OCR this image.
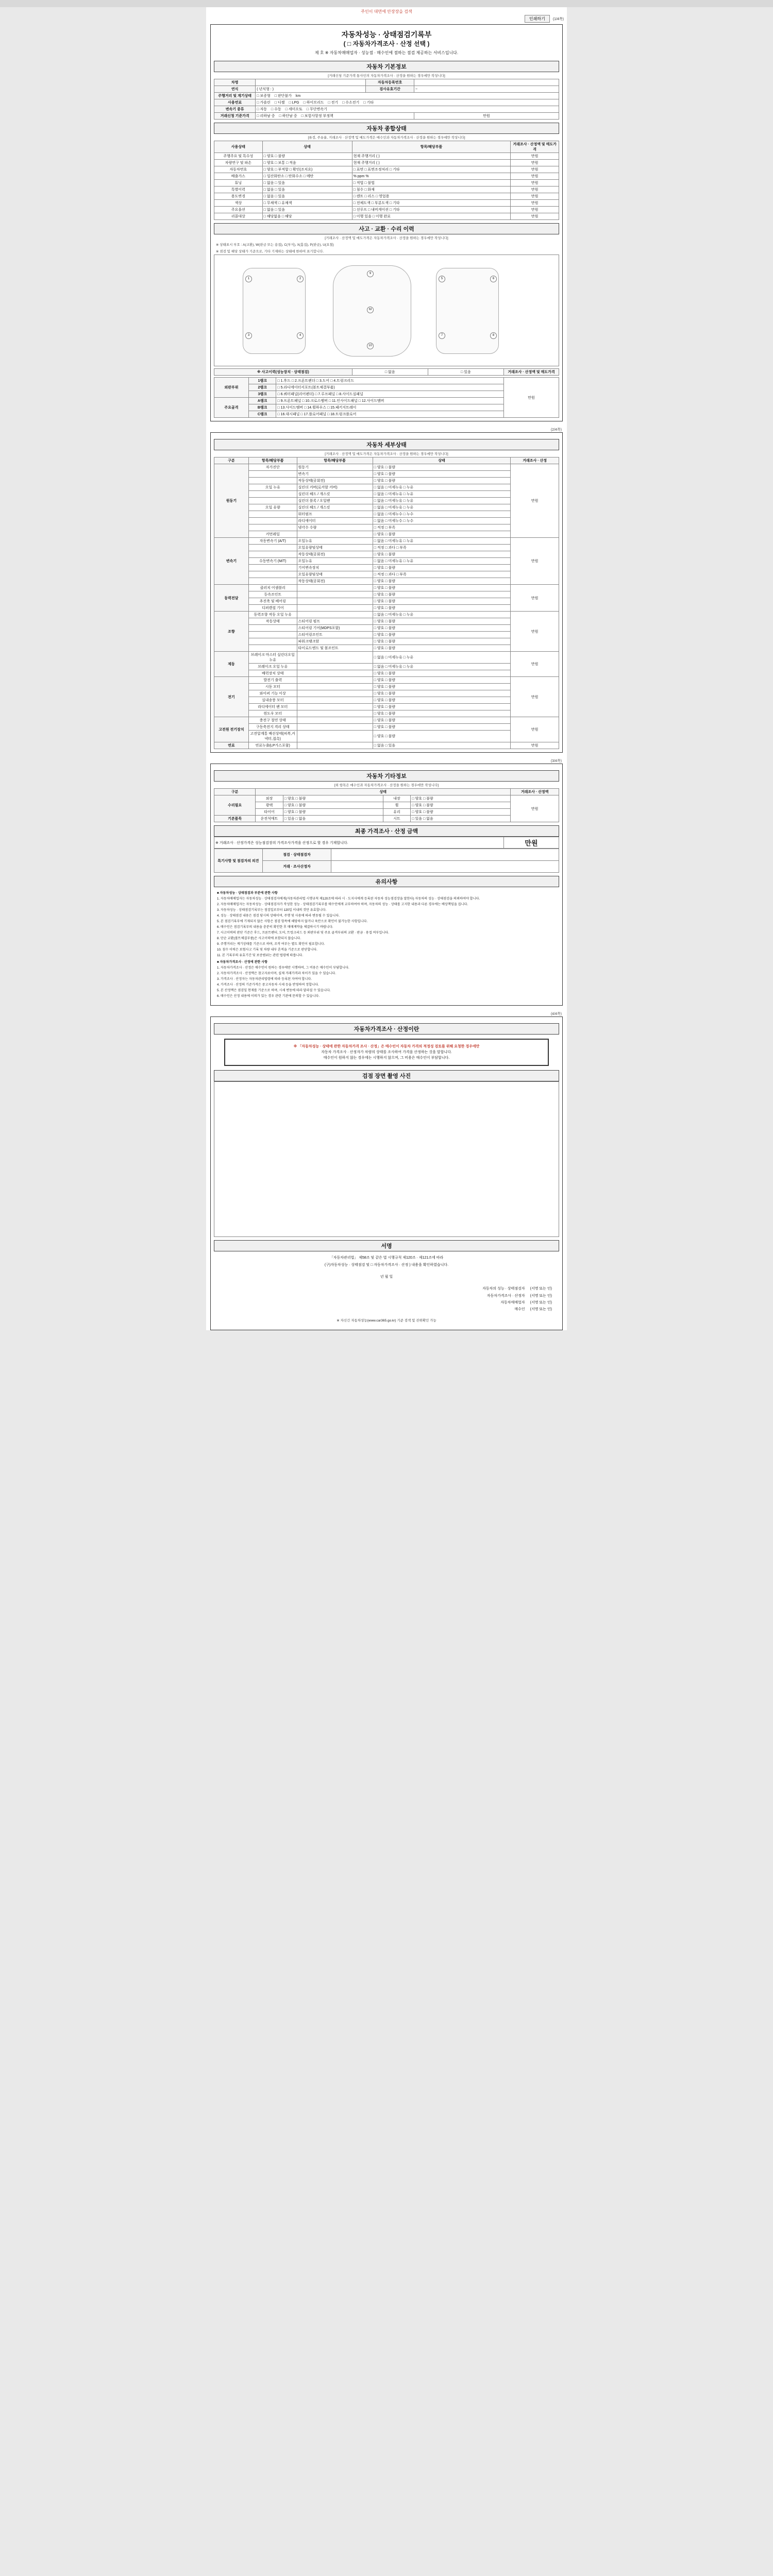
주인이 대면에 안장장을 검색
인쇄하기	(1/4쪽)
자동차성능 · 상태점검기록부
( □ 자동차가격조사 · 산정 선택 )
제 호 ※ 자동차매매업자 · 성능점 · 매수인에 점하는 점검 제공하는 서비스입니다.
자동차 기본정보
[거래신청 기준가격 통사인의 자동차가격조사 · 산정을 원하는 경우에만 작성니다]
차명		자동차등록번호	
연식	( 년식형 : )	검사유효기간	~
주행거리 및 계기상태	□ 보증형 □ 판단불가 km		
사용연료	□ 가솔린 □ 디젤 □ LPG □ 하이브리드 □ 전기 □ 수소전기 □ 기타		
변속기 종류	□ 자동 □ 수동 □ 세미오토 □ 무단변속기		
거래신청 기준가격	□ 리하남 중 □ 하단남 중 □ 보험사항정 부정책		만원
자동차 종합상태
[류검, 주유율, 거래조사 · 산정액 및 매도가격은 매수인과 자동차가격조사 · 산정을 원하는 경우에만 작성니다]
사용상태	상태	항목/해당부품	거래조사 · 산정액 및 매도가격
주행주요 및 특수성	□ 양호 □ 불량	현재 주행거리 ( )	만원
차량연구 및 파손	□ 양호 □ 보통 □ 적음	현재 주행거리 ( )	만원
자동차번호	□ 양호 □ 부적합 □ 확인(조치요)	□ 표면 □ 표면조정처리 □ 기타	만원
배출가스	□ 일산화탄소 □ 탄화수소 □ 메탄	% ppm %	만원
튜닝	□ 없음 □ 있음	□ 적법 □ 불법	만원
특별이력	□ 없음 □ 있음	□ 침수 □ 화재	만원
용도변경	□ 없음 □ 있음	□ 렌트 □ 리스 □ 영업용	만원
색상	□ 무채색 □ 유채색	□ 전체도색 □ 부분도색 □ 기타	만원
주요옵션	□ 없음 □ 있음	□ 선루프 □ 내비게이션 □ 기타	만원
리콜대상	□ 해당없음 □ 해당	□ 이행 있음 □ 이행 완료	만원
사고 · 교환 · 수리 이력
[거래조사 · 산정액 및 매도가격은 자동차가격조사 · 산정을 원하는 경우에만 작성니다]
※ 상태표시 부호 : A(교환), W(판금 또는 용접), C(부식), X(흠집), P(판금), U(요철)
※ 점검 및 해당 상태가 기준으로, 기타 기재하는 상태에 한하여 표기합니다.
1	2
3	4
M
5	6
7	8
9
10
※ 사고이력(성능장치 · 상태점검)	□ 없음	□ 있음	거래조사 · 산정액 및 매도가격
외판부위	1랭크	□ 1.후드 □ 2.프론트펜더 □ 3.도어 □ 4.트렁크리드	만원
	2랭크	□ 5.라디에이터서포트(볼트체결부품)	
	3랭크	□ 6.쿼터패널(리어펜더) □ 7.루프패널 □ 8.사이드실패널	
주요골격	A랭크	□ 9.프론트패널 □ 10.크로스멤버 □ 11.인사이드패널 □ 12.사이드멤버	
	B랭크	□ 13.사이드멤버 □ 14.휠하우스 □ 15.패키지트레이	
	C랭크	□ 16.대시패널 □ 17.플로어패널 □ 18.트렁크플로어	
(2/4쪽)
자동차 세부상태
[거래조사 · 산정액 및 매도가격은 자동차가격조사 · 산정을 원하는 경우에만 작성니다]
구분	항목/해당부품	항목/해당부품	상태	거래조사 · 산정
원동기	자가진단	원동기	□ 양호 □ 불량	만원
		변속기	□ 양호 □ 불량	
		작동상태(공회전)	□ 양호 □ 불량	
	오일 누유	실린더 커버(로커암 커버)	□ 없음 □ 미세누유 □ 누유	
		실린더 헤드 / 개스킷	□ 없음 □ 미세누유 □ 누유	
		실린더 블록 / 오일팬	□ 없음 □ 미세누유 □ 누유	
	오일 유량	실린더 헤드 / 개스킷	□ 없음 □ 미세누유 □ 누유	
		워터펌프	□ 없음 □ 미세누수 □ 누수	
		라디에이터	□ 없음 □ 미세누수 □ 누수	
		냉각수 수량	□ 적정 □ 부족	
	커먼레일		□ 양호 □ 불량	
변속기	자동변속기 (A/T)	오일누유	□ 없음 □ 미세누유 □ 누유	만원
		오일유량및상태	□ 적정 □ 과다 □ 부족	
		작동상태(공회전)	□ 양호 □ 불량	
	수동변속기 (M/T)	오일누유	□ 없음 □ 미세누유 □ 누유	
		기어변속장치	□ 양호 □ 불량	
		오일유량및상태	□ 적정 □ 과다 □ 부족	
		작동상태(공회전)	□ 양호 □ 불량	
동력전달	클러치 어셈블리		□ 양호 □ 불량	만원
	등속조인트		□ 양호 □ 불량	
	추진축 및 베어링		□ 양호 □ 불량	
	디퍼렌셜 기어		□ 양호 □ 불량	
조향	동력조향 작동 오일 누유		□ 없음 □ 미세누유 □ 누유	만원
	작동상태	스티어링 펌프	□ 양호 □ 불량	
		스티어링 기어(MDPS포함)	□ 양호 □ 불량	
		스티어링조인트	□ 양호 □ 불량	
		파워크랭크암	□ 양호 □ 불량	
		타이로드엔드 및 볼조인트	□ 양호 □ 불량	
제동	브레이크 마스터 실린더오일 누유		□ 없음 □ 미세누유 □ 누유	만원
	브레이크 오일 누유		□ 없음 □ 미세누유 □ 누유	
	배력장치 상태		□ 양호 □ 불량	
전기	발전기 출력		□ 양호 □ 불량	만원
	시동 모터		□ 양호 □ 불량	
	와이퍼 기능 이상		□ 양호 □ 불량	
	실내송풍 모터		□ 양호 □ 불량	
	라디에이터 팬 모터		□ 양호 □ 불량	
	윈도우 모터		□ 양호 □ 불량	
고전원 전기장치	충전구 절연 상태		□ 양호 □ 불량	만원
	구동축전지 격리 상태		□ 양호 □ 불량	
	고전압계통 배선상태(피복,커넥터,접촉)		□ 양호 □ 불량	
연료	연료누출(LP가스포함)		□ 없음 □ 있음	만원
(3/4쪽)
자동차 기타정보
[외 항목은 매수인과 자동차가격조사 · 산정을 원하는 경우에만 작성니다]
구분	상태				거래조사 · 산정액
수리필요	외장	□ 양호 □ 불량	내장	□ 양호 □ 불량	만원
	광택	□ 양호 □ 불량	휠	□ 양호 □ 불량	
	타이어	□ 양호 □ 불량	유리	□ 양호 □ 불량	
기본품목	운전석매트	□ 있음 □ 없음	시트	□ 있음 □ 없음	
최종 가격조사 · 산정 금액
※ 거래조사 · 산정가격은 성능점검장의 가격조사가격을 산정으로 할 경우 기재합니다.	만원
특기사항 및 점검자의 의견	점검 · 상태점검자	
	거래 · 조사산정자	
유의사항

■ 자동차성능 · 상태점검과 부분에 관한 사항

1. 자동차매매업자는 자동차성능 · 상태점검자에게(자동차관리법 시행규칙 제120조에 따라 시 · 도지사에게 등록된 자동차 성능점검장을 말한다) 자동차의 성능 · 상태점검을 의뢰하여야 합니다.

2. 자동차매매업자는 자동차성능 · 상태점검자가 작성한 성능 · 상태점검기록부를 매수인에게 교부하여야 하며, 자동차의 성능 · 상태를 고지한 내용과 다른 경우에는 배상책임을 집니다.

3. 자동차성능 · 상태점검기록부는 점검일로부터 120일 이내의 것만 유효합니다.

4. 성능 · 상태점검 내용은 점검 당시의 상태이며, 주행 및 사용에 따라 변동될 수 있습니다.

5. 본 점검기록부에 기재되지 않은 사항은 점검 항목에 해당하지 않거나 육안으로 확인이 불가능한 사항입니다.

6. 매수인은 점검기록부의 내용을 충분히 확인한 후 매매계약을 체결하시기 바랍니다.

7. 사고이력의 판단 기준은 후드, 프론트펜더, 도어, 트렁크리드 등 외판부위 및 주요 골격부위의 교환 · 판금 · 용접 여부입니다.

8. 단순 교환(볼트체결부품)은 사고이력에 포함되지 않습니다.

9. 주행거리는 계기상태를 기준으로 하며, 조작 여부는 별도 확인이 필요합니다.

10. 침수 이력은 보험사고 기록 및 차량 내부 흔적을 기준으로 판단합니다.

11. 본 기록부의 유효기간 및 보증범위는 관련 법령에 따릅니다.

■ 자동차가격조사 · 산정에 관한 사항

1. 자동차가격조사 · 산정은 매수인이 원하는 경우에만 시행하며, 그 비용은 매수인이 부담합니다.

2. 자동차가격조사 · 산정액은 참고자료이며, 실제 거래가격과 차이가 있을 수 있습니다.

3. 가격조사 · 산정자는 자동차관리법령에 따라 등록된 자여야 합니다.

4. 가격조사 · 산정의 기준가격은 중고자동차 시세 등을 반영하여 정합니다.

5. 본 산정액은 점검일 현재를 기준으로 하며, 시세 변동에 따라 달라질 수 있습니다.

6. 매수인은 산정 내용에 이의가 있는 경우 관련 기관에 문의할 수 있습니다.

(4/4쪽)
자동차가격조사 · 산정이란
※ 「자동차성능 · 상태에 관한 자동차가격 조사 · 산정」은 매수인이 자동차 가격의 적정성 검토를 위해 요청한 경우에만
자동차 가격조사 · 산정자가 차량의 상태를 조사하여 가격을 산정하는 것을 말합니다.
매수인이 원하지 않는 경우에는 시행하지 않으며, 그 비용은 매수인이 부담합니다.
검점 장면 촬영 사진
서명
「자동차관리법」 제58조 및 같은 법 시행규칙 제120조 · 제121조에 따라
(구)자동차성능 · 상태점검 및 □ 자동차가격조사 · 산정 ) 내용을 확인하였습니다.
년 월 일
자동차의 성능 · 상태점검자 (서명 또는 인)
자동차가격조사 · 산정자 (서명 또는 인)
자동차매매업자 (서명 또는 인)
매수인 (서명 또는 인)
※ 자신긴 자동차성능(www.car365.go.kr) 기준 검색 및 진위확인 가능
